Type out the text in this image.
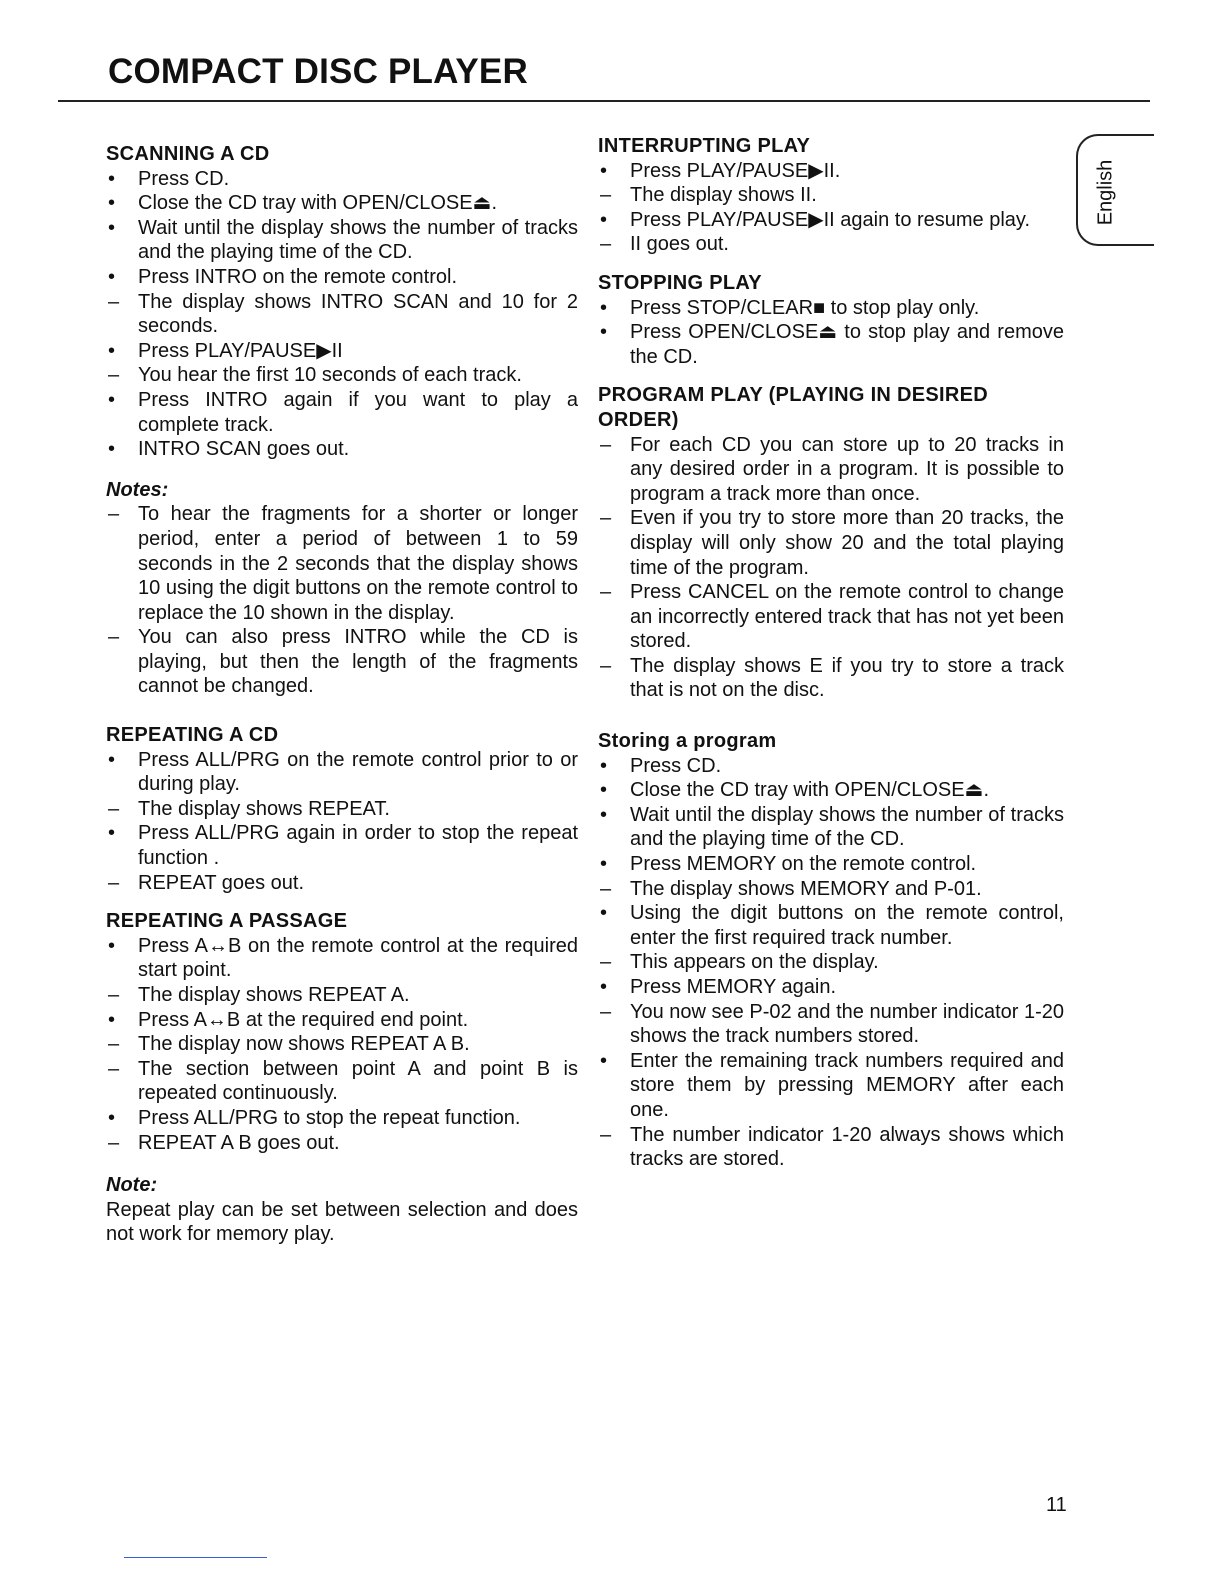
COMPACT DISC PLAYER
English
SCANNING A CD
•
Press CD.
•
Close the CD tray with OPEN/CLOSE⏏.
•
Wait until the display shows the number of tracks and the playing time of the CD.
•
Press INTRO on the remote control.
–
The display shows INTRO SCAN and 10 for 2 seconds.
•
Press PLAY/PAUSE▶II
–
You hear the first 10 seconds of each track.
•
Press INTRO again if you want to play a complete track.
•
INTRO SCAN goes out.
Notes:
–
To hear the fragments for a shorter or longer period, enter a period of between 1 to 59 seconds in the 2 seconds that the display shows 10 using the digit buttons on the remote control to replace the 10 shown in the display.
–
You can also press INTRO while the CD is playing, but then the length of the fragments cannot be changed.
REPEATING A CD
•
Press ALL/PRG on the remote control prior to or during play.
–
The display shows REPEAT.
•
Press ALL/PRG again in order to stop the repeat function .
–
REPEAT goes out.
REPEATING A PASSAGE
•
Press A↔B on the remote control at the required start point.
–
The display shows REPEAT A.
•
Press A↔B at the required end point.
–
The display now shows REPEAT A B.
–
The section between point A and point B is repeated continuously.
•
Press ALL/PRG to stop the repeat function.
–
REPEAT A B goes out.
Note:
Repeat play can be set between selection and does not work for memory play.
INTERRUPTING PLAY
•
Press PLAY/PAUSE▶II.
–
The display shows II.
•
Press PLAY/PAUSE▶II again to resume play.
–
II goes out.
STOPPING PLAY
•
Press STOP/CLEAR■ to stop play only.
•
Press OPEN/CLOSE⏏ to stop play and remove the CD.
PROGRAM PLAY (PLAYING IN DESIRED ORDER)
–
For each CD you can store up to 20 tracks in any desired order in a program. It is possible to program a track more than once.
–
Even if you try to store more than 20 tracks, the display will only show 20 and the total playing time of the program.
–
Press CANCEL on the remote control to change an incorrectly entered track that has not yet been stored.
–
The display shows E if you try to store a track that is not on the disc.
Storing a program
•
Press CD.
•
Close the CD tray with OPEN/CLOSE⏏.
•
Wait until the display shows the number of tracks and the playing time of the CD.
•
Press MEMORY on the remote control.
–
The display shows MEMORY and P-01.
•
Using the digit buttons on the remote control, enter the first required track number.
–
This appears on the display.
•
Press MEMORY again.
–
You now see P-02 and the number indicator 1-20 shows the track numbers stored.
•
Enter the remaining track numbers required and store them by pressing MEMORY after each one.
–
The number indicator 1-20 always shows which tracks are stored.
11
